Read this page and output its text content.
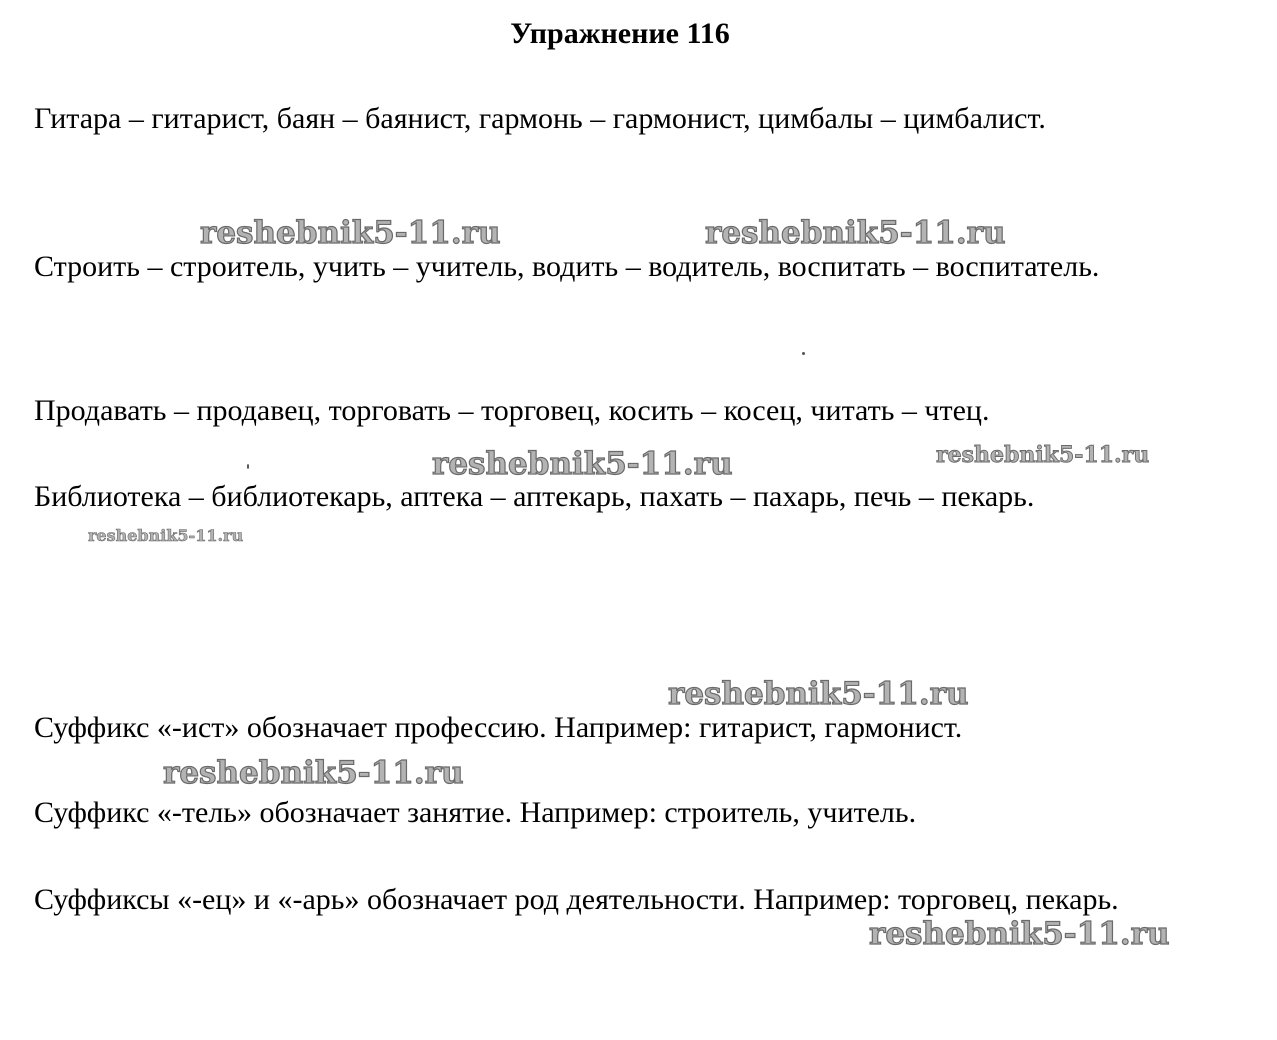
Упражнение 116

Гитара – гитарист, баян – баянист, гармонь – гармонист, цимбалы – цимбалист.

Строить – строитель, учить – учитель, водить – водитель, воспитать – воспитатель.

Продавать – продавец, торговать – торговец, косить – косец, читать – чтец.

Библиотека – библиотекарь, аптека – аптекарь, пахать – пахарь, печь – пекарь.

Суффикс «-ист» обозначает профессию. Например: гитарист, гармонист.

Суффикс «-тель» обозначает занятие. Например: строитель, учитель.

Суффиксы «-ец» и «-арь» обозначает род деятельности. Например: торговец, пекарь.

reshebnik5-11.ru	reshebnik5-11.ru
reshebnik5-11.ru	reshebnik5-11.ru
reshebnik5-11.ru
reshebnik5-11.ru
reshebnik5-11.ru
reshebnik5-11.ru
